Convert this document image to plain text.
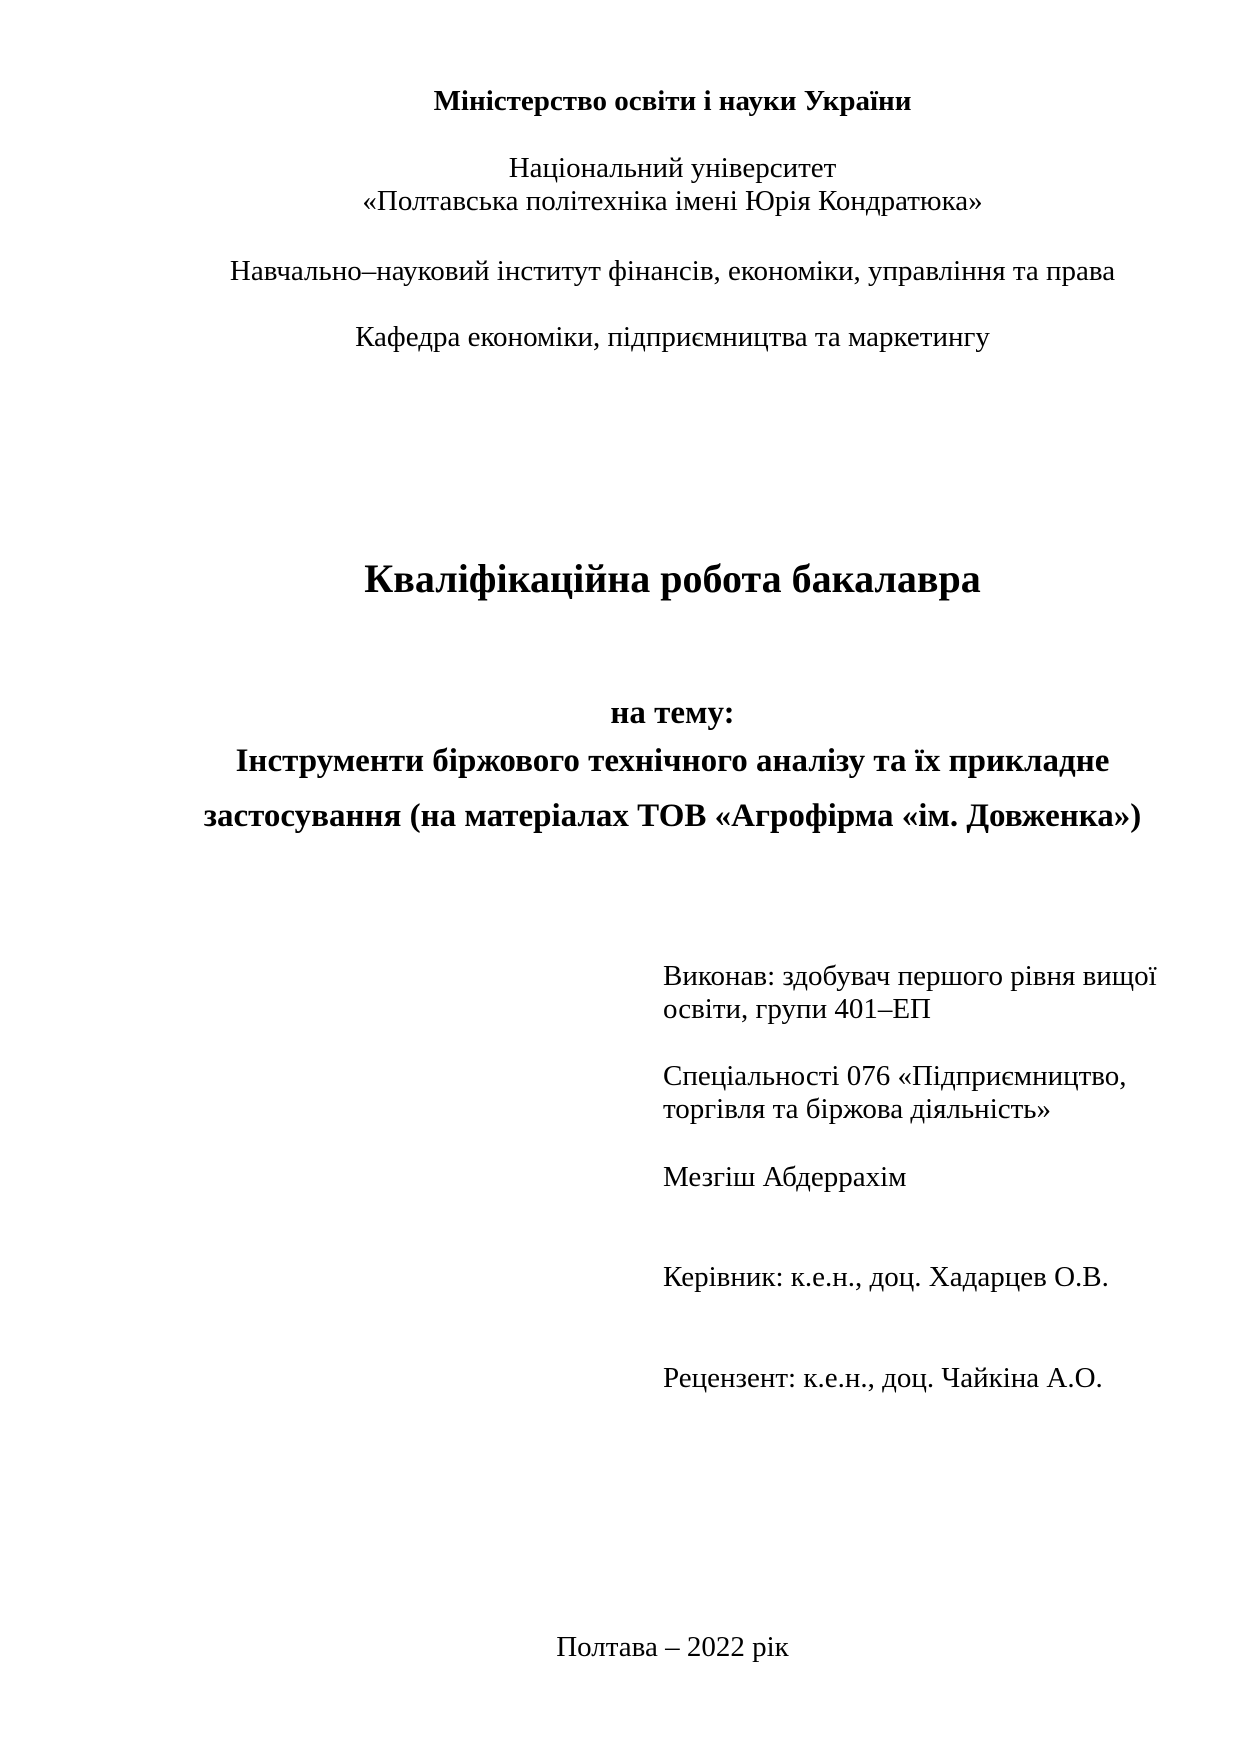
Міністерство освіти і науки України
Національний університет
«Полтавська політехніка імені Юрія Кондратюка»
Навчально–науковий інститут фінансів, економіки, управління та права
Кафедра економіки, підприємництва та маркетингу
Кваліфікаційна робота бакалавра
на тему:
Інструменти біржового технічного аналізу та їх прикладне
застосування (на матеріалах ТОВ «Агрофірма «ім. Довженка»)
Виконав: здобувач першого рівня вищої
освіти, групи 401–ЕП
Спеціальності 076 «Підприємництво,
торгівля та біржова діяльність»
Мезгіш Абдеррахім
Керівник: к.е.н., доц. Хадарцев О.В.
Рецензент: к.е.н., доц. Чайкіна А.О.
Полтава – 2022 рік
